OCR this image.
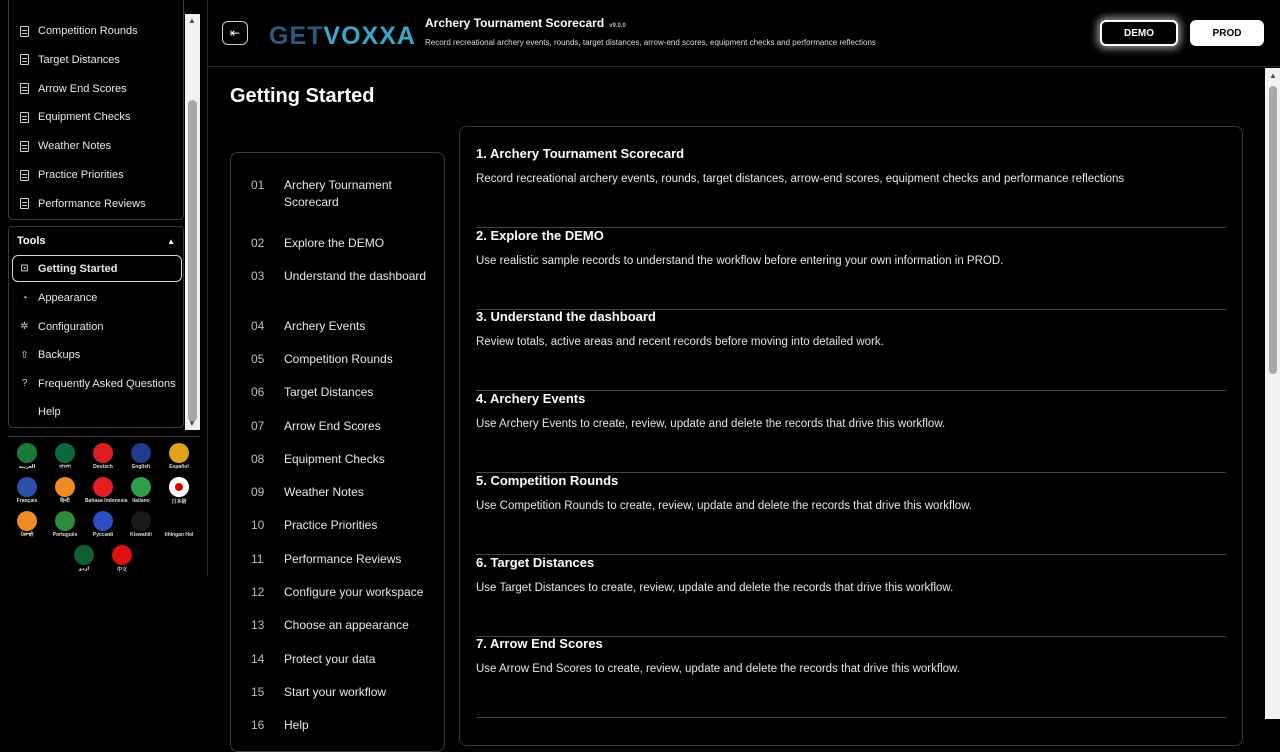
Competition Rounds
Target Distances
Arrow End Scores
Equipment Checks
Weather Notes
Practice Priorities
Performance Reviews
Tools	▲
⊡ Getting Started
◔ Appearance
✲ Configuration
⇧ Backups
? Frequently Asked Questions
Help
▲
▼
العربية	বাংলা	Deutsch	English	Español
Français	हिन्दी	Bahasa Indonesia Italiano	日本語
ਪੰਜਾਬੀ	Português	Русский	Kiswahili	tlhIngan Hol
اردو	中文
⇤ GETVOXXA Archery Tournament Scorecard v9.0.0
Record recreational archery events, rounds, target distances, arrow-end scores, equipment checks and performance reflections
DEMO	PROD
Getting Started
01	Archery Tournament Scorecard
02	Explore the DEMO
03	Understand the dashboard
04	Archery Events
05	Competition Rounds
06	Target Distances
07	Arrow End Scores
08	Equipment Checks
09	Weather Notes
10	Practice Priorities
11	Performance Reviews
12	Configure your workspace
13	Choose an appearance
14	Protect your data
15	Start your workflow
16	Help
1. Archery Tournament Scorecard

Record recreational archery events, rounds, target distances, arrow-end scores, equipment checks and performance reflections

2. Explore the DEMO

Use realistic sample records to understand the workflow before entering your own information in PROD.

3. Understand the dashboard

Review totals, active areas and recent records before moving into detailed work.

4. Archery Events

Use Archery Events to create, review, update and delete the records that drive this workflow.

5. Competition Rounds

Use Competition Rounds to create, review, update and delete the records that drive this workflow.

6. Target Distances

Use Target Distances to create, review, update and delete the records that drive this workflow.

7. Arrow End Scores

Use Arrow End Scores to create, review, update and delete the records that drive this workflow.

▲
